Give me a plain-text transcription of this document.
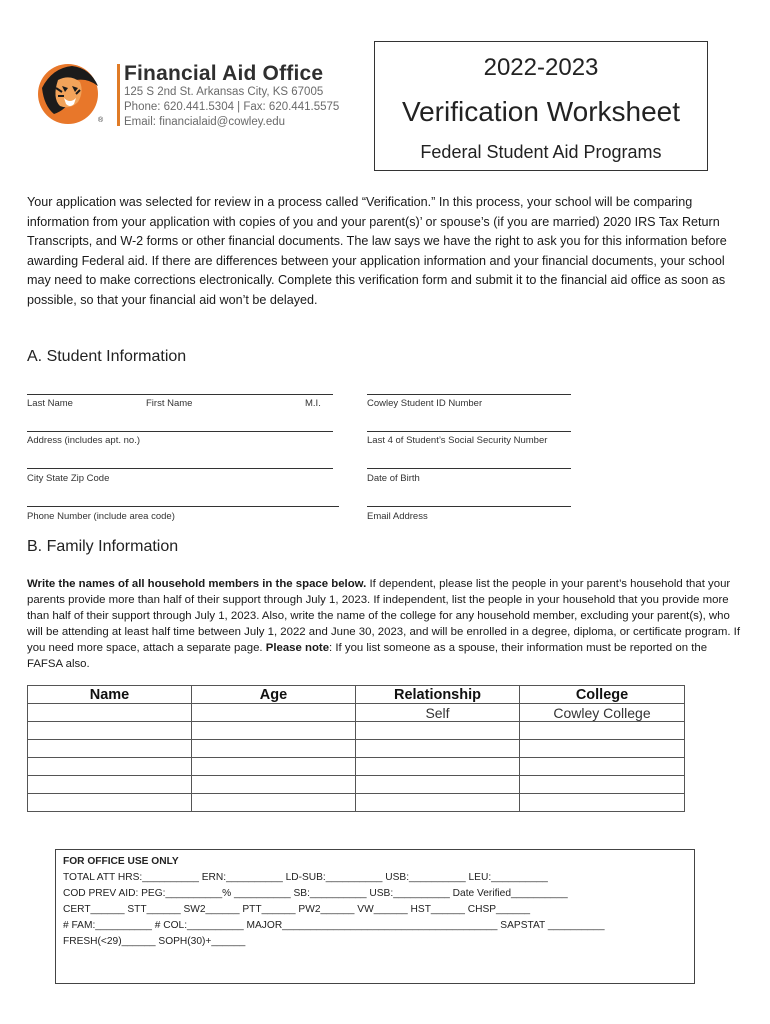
®
Financial Aid Office
125 S 2nd St. Arkansas City, KS 67005
Phone: 620.441.5304 | Fax: 620.441.5575
Email: financialaid@cowley.edu
2022-2023
Verification Worksheet
Federal Student Aid Programs
Your application was selected for review in a process called “Verification.” In this process, your school will be comparing information from your application with copies of you and your parent(s)’ or spouse’s (if you are married) 2020 IRS Tax Return Transcripts, and W-2 forms or other financial documents. The law says we have the right to ask you for this information before awarding Federal aid. If there are differences between your application information and your financial documents, your school may need to make corrections electronically. Complete this verification form and submit it to the financial aid office as soon as possible, so that your financial aid won’t be delayed.
A. Student Information
Last Name	First Name	M.I.	Cowley Student ID Number
Address (includes apt. no.)	Last 4 of Student’s Social Security Number
City State Zip Code	Date of Birth
Phone Number (include area code)	Email Address
B. Family Information
Write the names of all household members in the space below. If dependent, please list the people in your parent’s household that your parents provide more than half of their support through July 1, 2023. If independent, list the people in your household that you provide more than half of their support through July 1, 2023. Also, write the name of the college for any household member, excluding your parent(s), who will be attending at least half time between July 1, 2022 and June 30, 2023, and will be enrolled in a degree, diploma, or certificate program. If you need more space, attach a separate page. Please note: If you list someone as a spouse, their information must be reported on the FAFSA also.
Name	Age	Relationship	College
		Self	Cowley College

FOR OFFICE USE ONLY
TOTAL ATT HRS:__________ ERN:__________ LD-SUB:__________ USB:__________ LEU:__________
COD PREV AID: PEG:__________% __________ SB:__________ USB:__________ Date Verified__________
CERT______ STT______ SW2______ PTT______ PW2______ VW______ HST______ CHSP______
# FAM:__________ # COL:__________ MAJOR______________________________________ SAPSTAT __________
FRESH(<29)______ SOPH(30)+______
